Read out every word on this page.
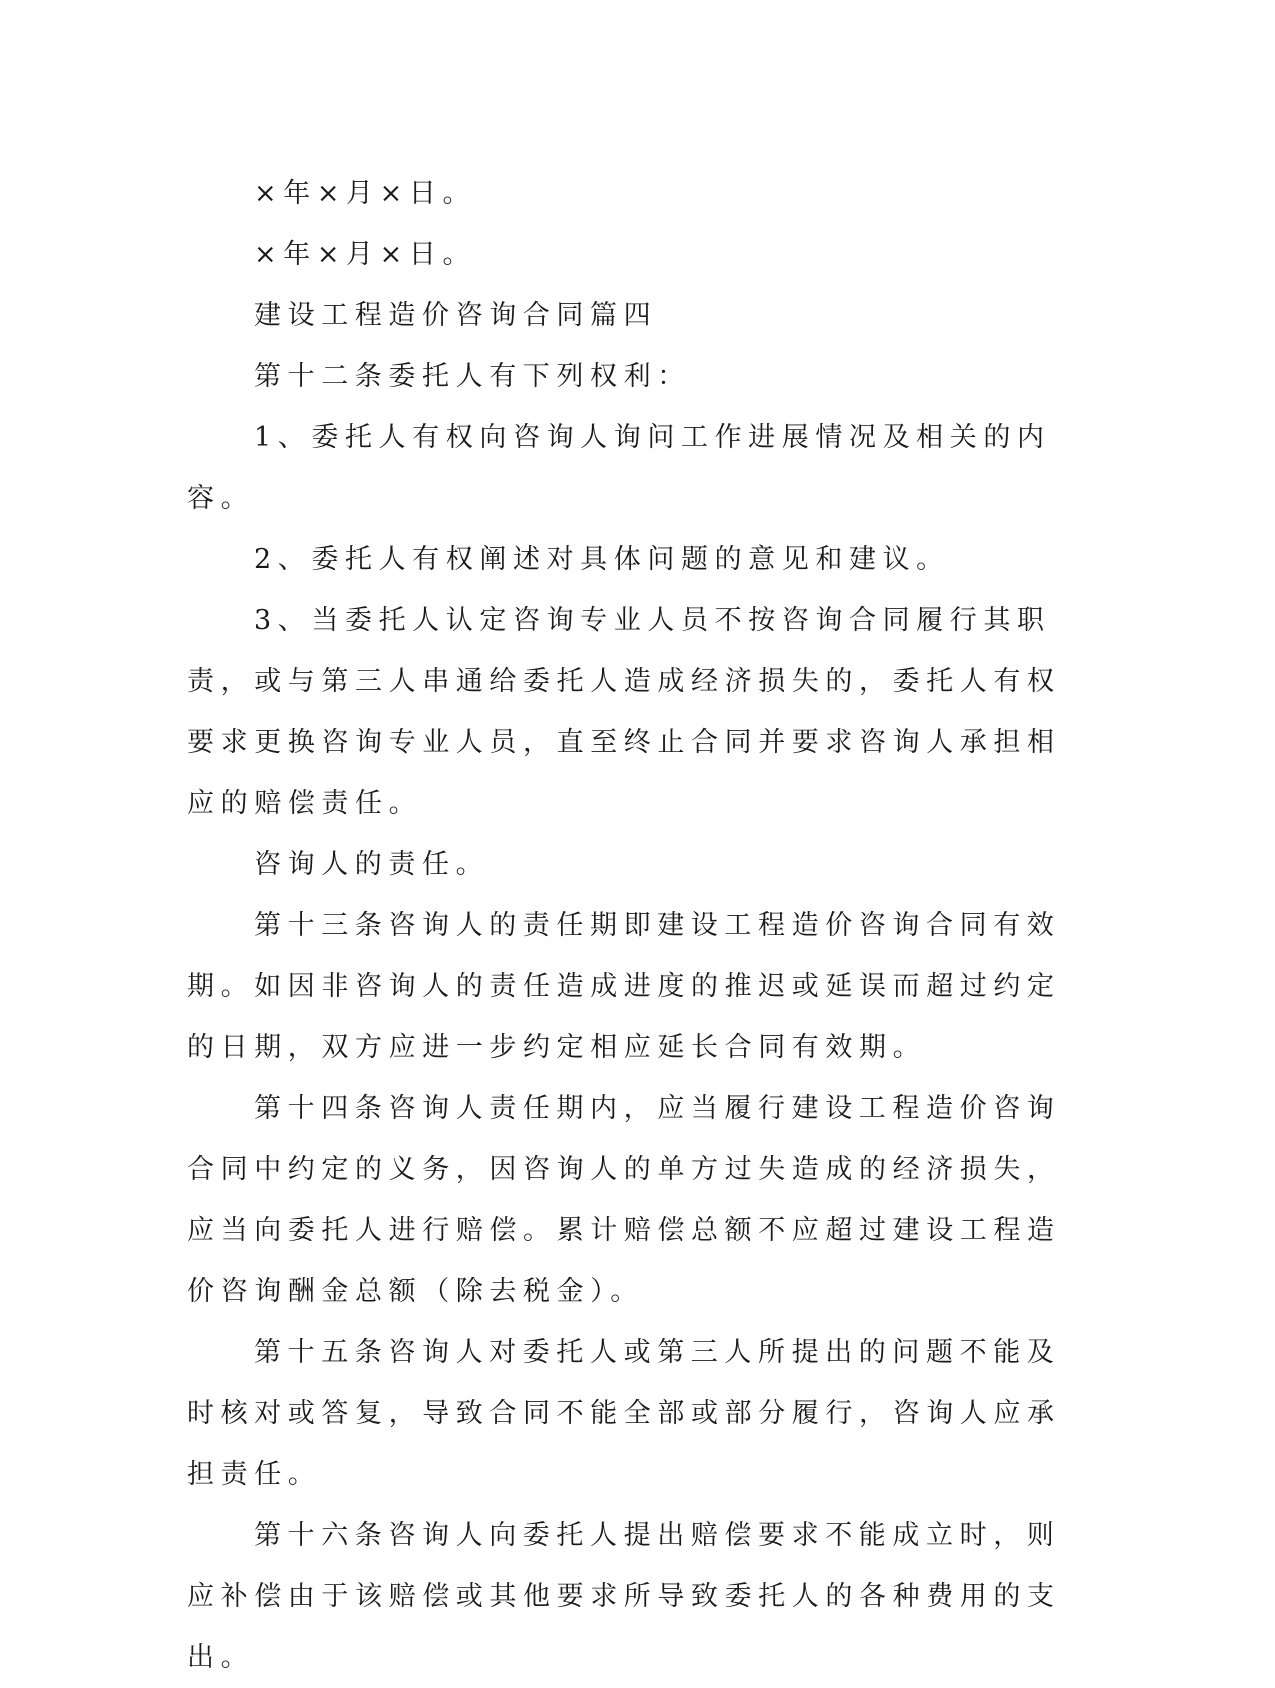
×年×月×日。

×年×月×日。

建设工程造价咨询合同篇四

第十二条委托人有下列权利：

1、委托人有权向咨询人询问工作进展情况及相关的内容。

2、委托人有权阐述对具体问题的意见和建议。

3、当委托人认定咨询专业人员不按咨询合同履行其职责，或与第三人串通给委托人造成经济损失的，委托人有权要求更换咨询专业人员，直至终止合同并要求咨询人承担相应的赔偿责任。

咨询人的责任。

第十三条咨询人的责任期即建设工程造价咨询合同有效期。如因非咨询人的责任造成进度的推迟或延误而超过约定的日期，双方应进一步约定相应延长合同有效期。

第十四条咨询人责任期内，应当履行建设工程造价咨询合同中约定的义务，因咨询人的单方过失造成的经济损失，应当向委托人进行赔偿。累计赔偿总额不应超过建设工程造价咨询酬金总额（除去税金）。

第十五条咨询人对委托人或第三人所提出的问题不能及时核对或答复，导致合同不能全部或部分履行，咨询人应承担责任。

第十六条咨询人向委托人提出赔偿要求不能成立时，则应补偿由于该赔偿或其他要求所导致委托人的各种费用的支出。
